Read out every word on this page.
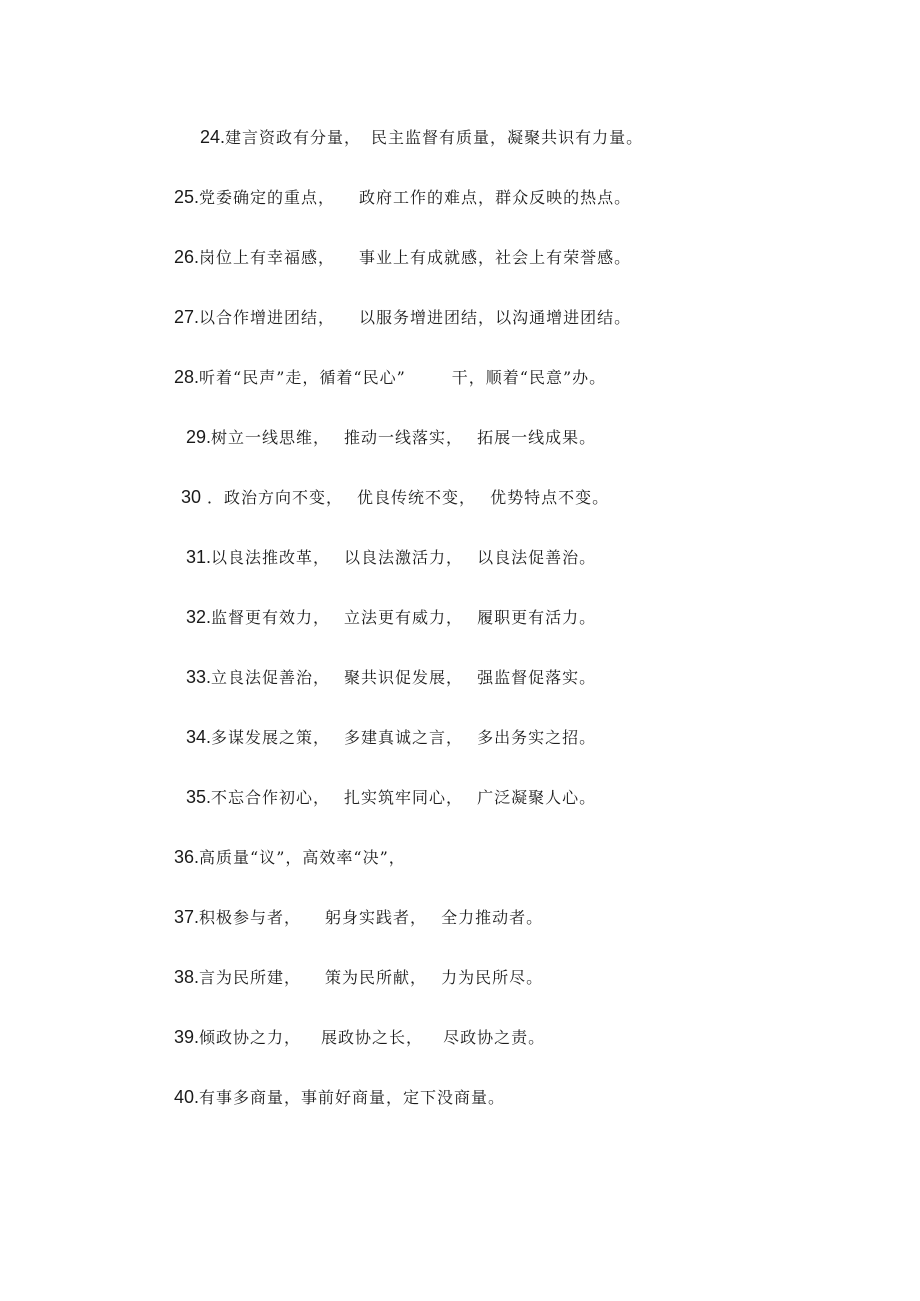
24.建言资政有分量， 民主监督有质量，凝聚共识有力量。
25.党委确定的重点， 政府工作的难点，群众反映的热点。
26.岗位上有幸福感， 事业上有成就感，社会上有荣誉感。
27.以合作增进团结， 以服务增进团结，以沟通增进团结。
28.听着“民声”走，循着“民心”	干，顺着“民意”办。
29.树立一线思维， 推动一线落实， 拓展一线成果。
30 ．政治方向不变， 优良传统不变， 优势特点不变。
31.以良法推改革， 以良法激活力， 以良法促善治。
32.监督更有效力， 立法更有威力， 履职更有活力。
33.立良法促善治， 聚共识促发展， 强监督促落实。
34.多谋发展之策， 多建真诚之言， 多出务实之招。
35.不忘合作初心， 扎实筑牢同心， 广泛凝聚人心。
36.高质量“议”，高效率“决”，
37.积极参与者， 躬身实践者， 全力推动者。
38.言为民所建， 策为民所献， 力为民所尽。
39.倾政协之力， 展政协之长， 尽政协之责。
40.有事多商量，事前好商量，定下没商量。
